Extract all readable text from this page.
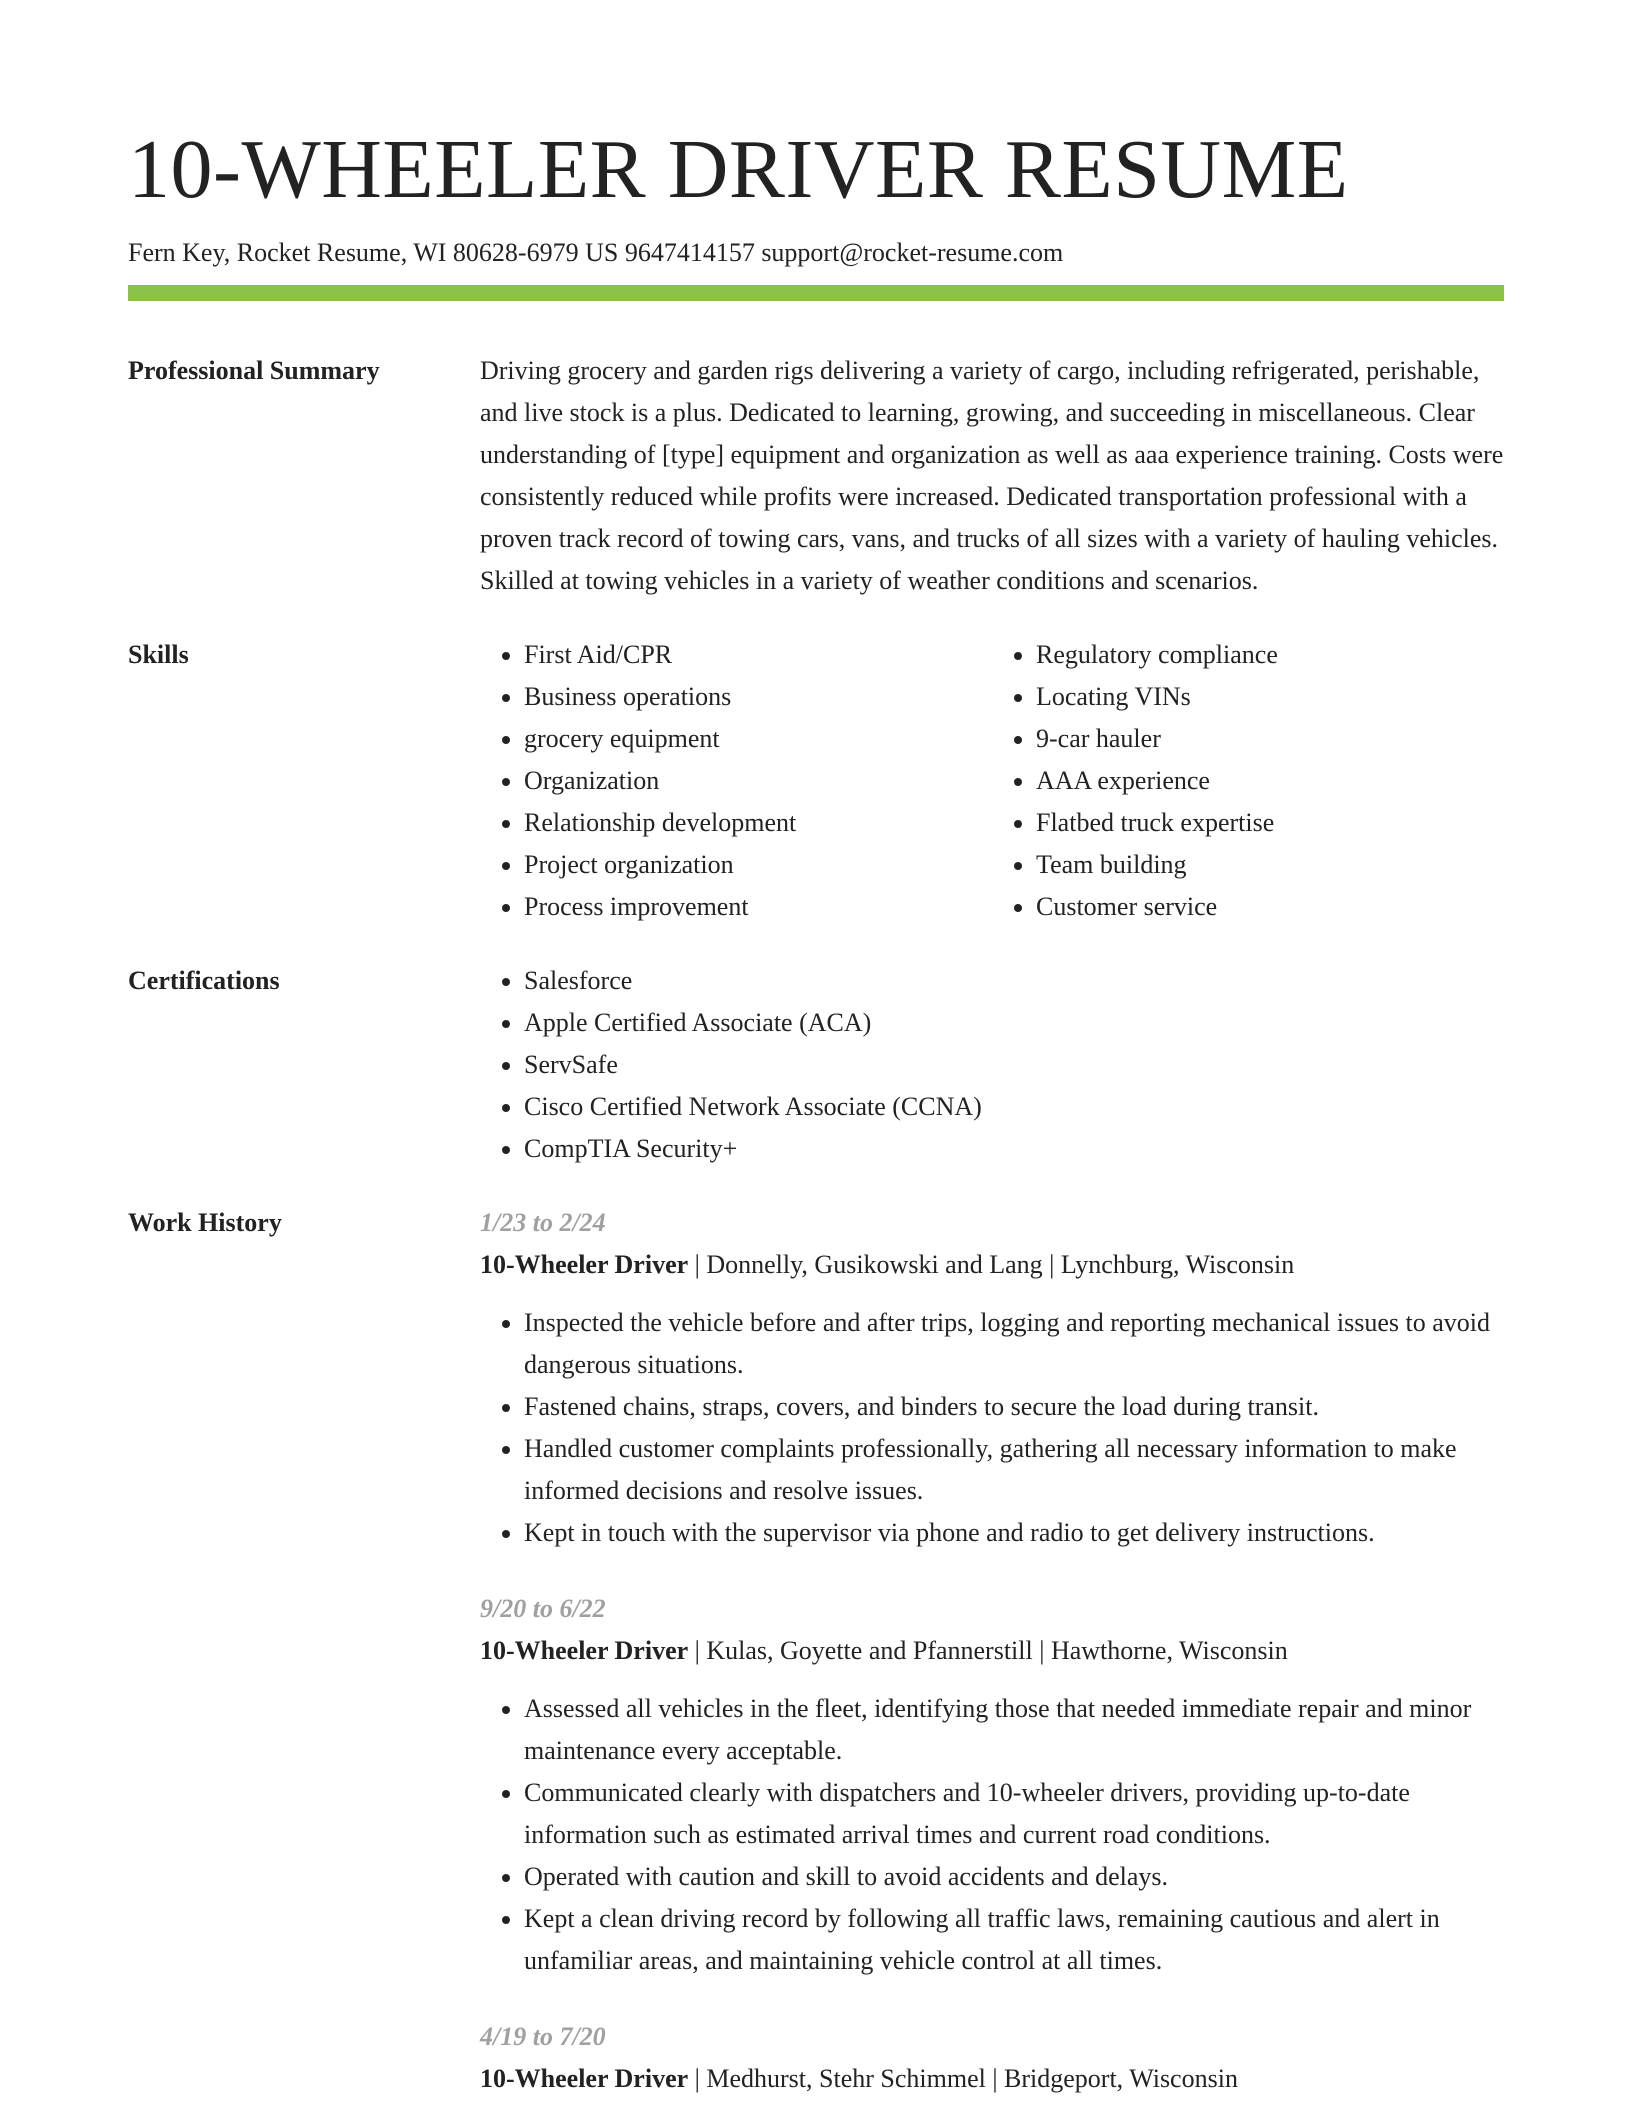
10-WHEELER DRIVER RESUME
Fern Key, Rocket Resume, WI 80628-6979 US 9647414157 support@rocket-resume.com
Professional Summary	Driving grocery and garden rigs delivering a variety of cargo, including refrigerated, perishable, and live stock is a plus. Dedicated to learning, growing, and succeeding in miscellaneous. Clear understanding of [type] equipment and organization as well as aaa experience training. Costs were consistently reduced while profits were increased. Dedicated transportation professional with a proven track record of towing cars, vans, and trucks of all sizes with a variety of hauling vehicles. Skilled at towing vehicles in a variety of weather conditions and scenarios.

Skills	• First Aid/CPR
• Business operations
• grocery equipment
• Organization
• Relationship development
• Project organization
• Process improvement
• Regulatory compliance
• Locating VINs
• 9-car hauler
• AAA experience
• Flatbed truck expertise
• Team building
• Customer service
Certifications	• Salesforce
• Apple Certified Associate (ACA)
• ServSafe
• Cisco Certified Network Associate (CCNA)
• CompTIA Security+
Work History	1/23 to 2/24
10-Wheeler Driver | Donnelly, Gusikowski and Lang | Lynchburg, Wisconsin
• Inspected the vehicle before and after trips, logging and reporting mechanical issues to avoid dangerous situations.
• Fastened chains, straps, covers, and binders to secure the load during transit.
• Handled customer complaints professionally, gathering all necessary information to make informed decisions and resolve issues.
• Kept in touch with the supervisor via phone and radio to get delivery instructions.
9/20 to 6/22
10-Wheeler Driver | Kulas, Goyette and Pfannerstill | Hawthorne, Wisconsin
• Assessed all vehicles in the fleet, identifying those that needed immediate repair and minor maintenance every acceptable.
• Communicated clearly with dispatchers and 10-wheeler drivers, providing up-to-date information such as estimated arrival times and current road conditions.
• Operated with caution and skill to avoid accidents and delays.
• Kept a clean driving record by following all traffic laws, remaining cautious and alert in unfamiliar areas, and maintaining vehicle control at all times.
4/19 to 7/20
10-Wheeler Driver | Medhurst, Stehr Schimmel | Bridgeport, Wisconsin
